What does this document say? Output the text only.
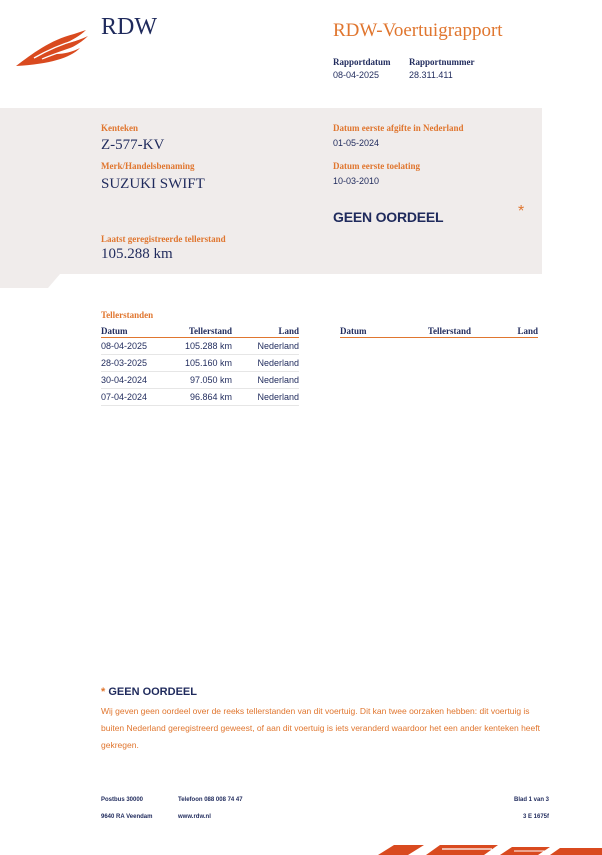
RDW	RDW-Voertuigrapport
Rapportdatum
08-04-2025
Rapportnummer
28.311.411
Kenteken
Z-577-KV
Merk/Handelsbenaming
SUZUKI SWIFT
Datum eerste afgifte in Nederland
01-05-2024
Datum eerste toelating
10-03-2010
GEEN OORDEEL	*
Laatst geregistreerde tellerstand
105.288 km
Tellerstanden
Datum	Tellerstand	Land
08-04-2025	105.288 km	Nederland
28-03-2025	105.160 km	Nederland
30-04-2024	97.050 km	Nederland
07-04-2024	96.864 km	Nederland
Datum	Tellerstand	Land
* GEEN OORDEEL
Wij geven geen oordeel over de reeks tellerstanden van dit voertuig. Dit kan twee oorzaken hebben: dit voertuig is buiten Nederland geregistreerd geweest, of aan dit voertuig is iets veranderd waardoor het een ander kenteken heeft gekregen.
Postbus 30000
9640 RA Veendam
Telefoon 088 008 74 47
www.rdw.nl
Blad 1 van 3
3 E 1675f
